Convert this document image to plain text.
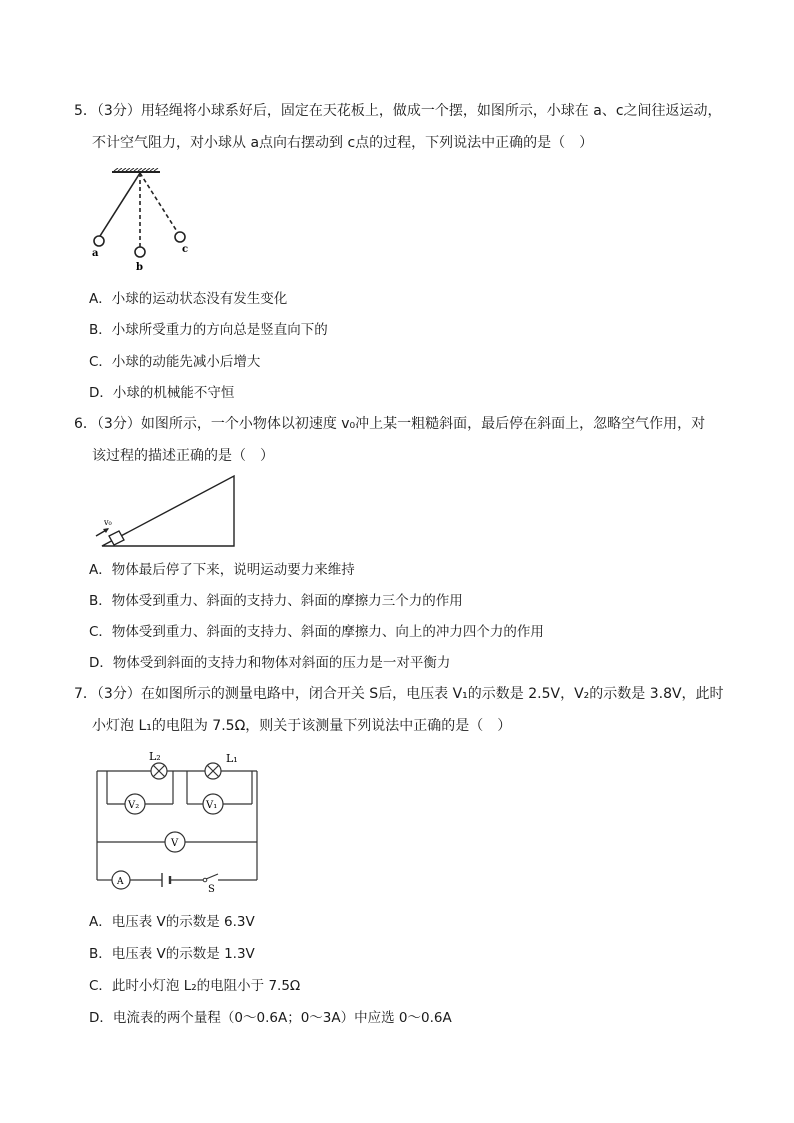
5．（3分）用轻绳将小球系好后，固定在天花板上，做成一个摆，如图所示，小球在 a、c之间往返运动，
不计空气阻力，对小球从 a点向右摆动到 c点的过程，下列说法中正确的是（　）
a
b
c
A．小球的运动状态没有发生变化
B．小球所受重力的方向总是竖直向下的
C．小球的动能先减小后增大
D．小球的机械能不守恒
6．（3分）如图所示，一个小物体以初速度 v₀冲上某一粗糙斜面，最后停在斜面上，忽略空气作用，对
该过程的描述正确的是（　）
v₀
A．物体最后停了下来，说明运动要力来维持
B．物体受到重力、斜面的支持力、斜面的摩擦力三个力的作用
C．物体受到重力、斜面的支持力、斜面的摩擦力、向上的冲力四个力的作用
D．物体受到斜面的支持力和物体对斜面的压力是一对平衡力
7．（3分）在如图所示的测量电路中，闭合开关 S后，电压表 V₁的示数是 2.5V，V₂的示数是 3.8V，此时
小灯泡 L₁的电阻为 7.5Ω，则关于该测量下列说法中正确的是（　）
L₂	L₁
V₂	V₁
V
A
S
A．电压表 V的示数是 6.3V
B．电压表 V的示数是 1.3V
C．此时小灯泡 L₂的电阻小于 7.5Ω
D．电流表的两个量程（0～0.6A；0～3A）中应选 0～0.6A
